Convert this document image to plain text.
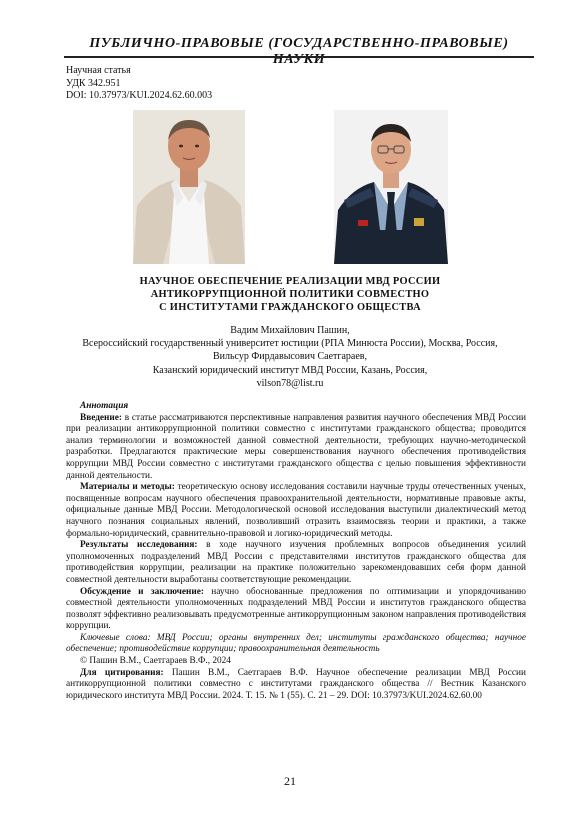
ПУБЛИЧНО-ПРАВОВЫЕ (ГОСУДАРСТВЕННО-ПРАВОВЫЕ) НАУКИ
Научная статья
УДК 342.951
DOI: 10.37973/KUI.2024.62.60.003
НАУЧНОЕ ОБЕСПЕЧЕНИЕ РЕАЛИЗАЦИИ МВД РОССИИ
АНТИКОРРУПЦИОННОЙ ПОЛИТИКИ СОВМЕСТНО
С ИНСТИТУТАМИ ГРАЖДАНСКОГО ОБЩЕСТВА
Вадим Михайлович Пашин,
Всероссийский государственный университет юстиции (РПА Минюста России), Москва, Россия,
Вильсур Фирдавысович Саетгараев,
Казанский юридический институт МВД России, Казань, Россия,
vilson78@list.ru

Аннотация

Введение: в статье рассматриваются перспективные направления развития научного обеспечения МВД России при реализации антикоррупционной политики совместно с институтами гражданского общества; проводится анализ терминологии и возможностей данной совместной деятельности, требующих научно-методической разработки. Предлагаются практические меры совершенствования научного обеспечения противодействия коррупции МВД России совместно с институтами гражданского общества с целью повышения эффективности данной деятельности.

Материалы и методы: теоретическую основу исследования составили научные труды отечественных ученых, посвященные вопросам научного обеспечения правоохранительной деятельности, нормативные правовые акты, официальные данные МВД России. Методологической основой исследования выступили диалектический метод научного познания социальных явлений, позволивший отразить взаимосвязь теории и практики, а также формально-юридический, сравнительно-правовой и логико-юридический методы.

Результаты исследования: в ходе научного изучения проблемных вопросов объединения усилий уполномоченных подразделений МВД России с представителями институтов гражданского общества для противодействия коррупции, реализации на практике положительно зарекомендовавших себя форм данной совместной деятельности выработаны соответствующие рекомендации.

Обсуждение и заключение: научно обоснованные предложения по оптимизации и упорядочиванию совместной деятельности уполномоченных подразделений МВД России и институтов гражданского общества позволят эффективно реализовывать предусмотренные антикоррупционным законом направления противодействия коррупции.

Ключевые слова: МВД России; органы внутренних дел; институты гражданского общества; научное обеспечение; противодействие коррупции; правоохранительная деятельность

© Пашин В.М., Саетгараев В.Ф., 2024

Для цитирования: Пашин В.М., Саетгараев В.Ф. Научное обеспечение реализации МВД России антикоррупционной политики совместно с институтами гражданского общества // Вестник Казанского юридического института МВД России. 2024. Т. 15. № 1 (55). С. 21 – 29. DOI: 10.37973/KUI.2024.62.60.00

21
